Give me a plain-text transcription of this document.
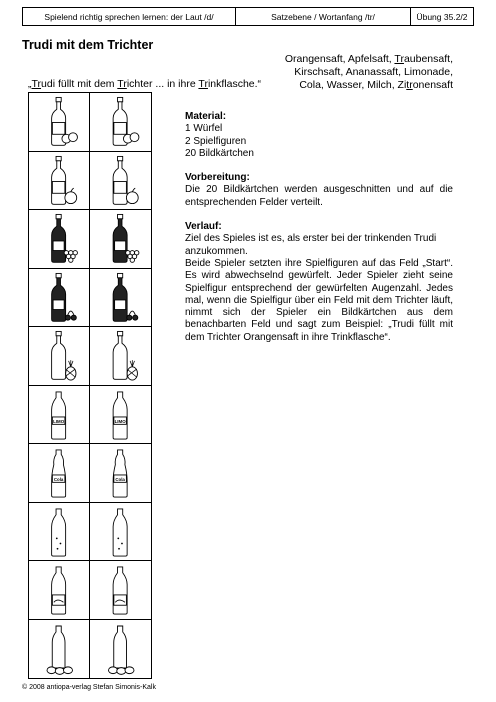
Spielend richtig sprechen lernen: der Laut /d/	Satzebene / Wortanfang /tr/	Übung 35.2/2
Trudi mit dem Trichter
Orangensaft, Apfelsaft, Traubensaft,
Kirschsaft, Ananassaft, Limonade,
Cola, Wasser, Milch, Zitronensaft
„Trudi füllt mit dem Trichter ... in ihre Trinkflasche.“
LIMO	LIMO
Cola	Cola
Material:

1 Würfel

2 Spielfiguren

20 Bildkärtchen

Vorbereitung:

Die 20 Bildkärtchen werden ausgeschnitten und auf die entsprechenden Felder verteilt.

Verlauf:

Ziel des Spieles ist es, als erster bei der trinkenden Trudi anzukommen.

Beide Spieler setzten ihre Spielfiguren auf das Feld „Start“. Es wird abwechselnd gewürfelt. Jeder Spieler zieht seine Spielfigur entsprechend der gewürfelten Augenzahl. Jedes mal, wenn die Spielfigur über ein Feld mit dem Trichter läuft, nimmt sich der Spieler ein Bildkärtchen aus dem benachbarten Feld und sagt zum Beispiel: „Trudi füllt mit dem Trichter Orangensaft in ihre Trinkflasche“.

© 2008 antiopa-verlag Stefan Simonis-Kalk
